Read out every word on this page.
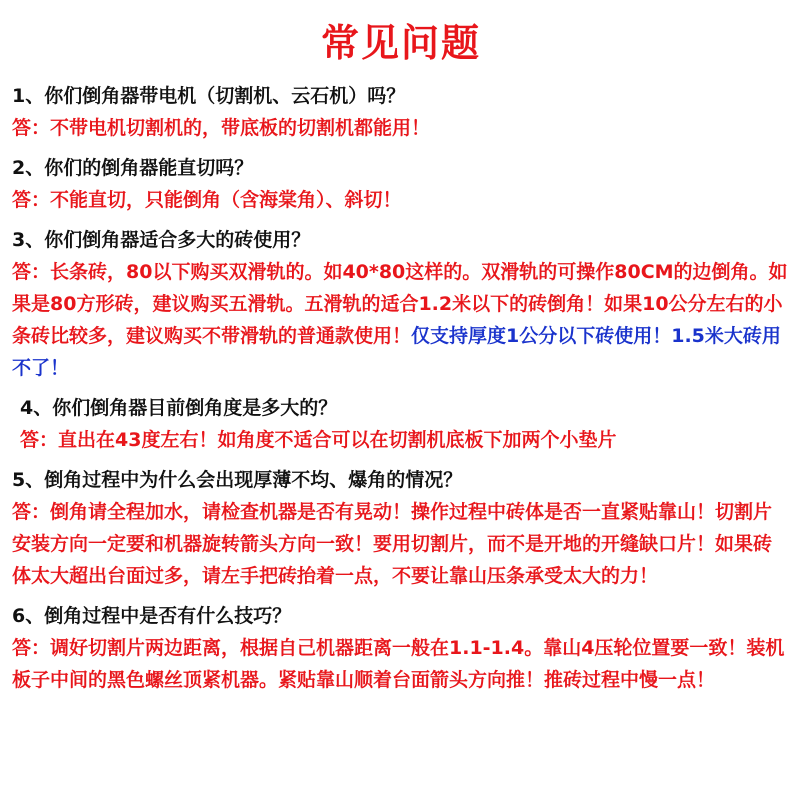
常见问题
1、你们倒角器带电机（切割机、云石机）吗？
答：不带电机切割机的，带底板的切割机都能用！
2、你们的倒角器能直切吗？
答：不能直切，只能倒角（含海棠角）、斜切！
3、你们倒角器适合多大的砖使用？
答：长条砖，80以下购买双滑轨的。如40*80这样的。双滑轨的可操作80CM的边倒角。如果是80方形砖，建议购买五滑轨。五滑轨的适合1.2米以下的砖倒角！如果10公分左右的小条砖比较多，建议购买不带滑轨的普通款使用！仅支持厚度1公分以下砖使用！1.5米大砖用不了！
4、你们倒角器目前倒角度是多大的？
答：直出在43度左右！如角度不适合可以在切割机底板下加两个小垫片
5、倒角过程中为什么会出现厚薄不均、爆角的情况？
答：倒角请全程加水，请检查机器是否有晃动！操作过程中砖体是否一直紧贴靠山！切割片安装方向一定要和机器旋转箭头方向一致！要用切割片，而不是开地的开缝缺口片！如果砖体太大超出台面过多，请左手把砖抬着一点，不要让靠山压条承受太大的力！
6、倒角过程中是否有什么技巧？
答：调好切割片两边距离，根据自己机器距离一般在1.1-1.4。靠山4压轮位置要一致！装机板子中间的黑色螺丝顶紧机器。紧贴靠山顺着台面箭头方向推！推砖过程中慢一点！
